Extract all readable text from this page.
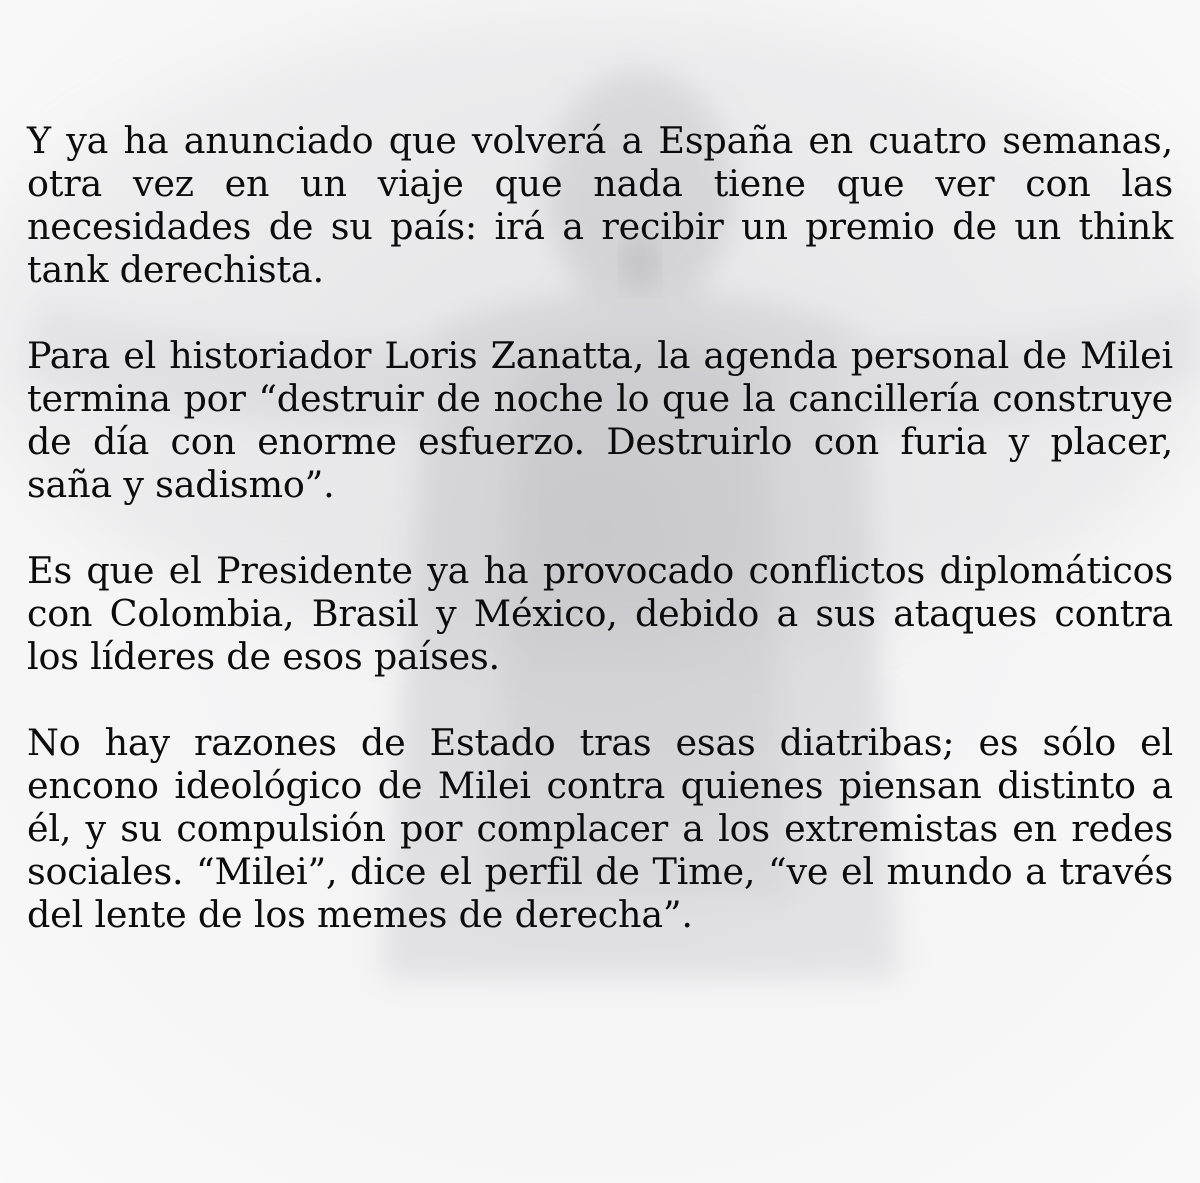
Y ya ha anunciado que volverá a España en cuatro semanas, otra vez en un viaje que nada tiene que ver con las necesidades de su país: irá a recibir un premio de un think tank derechista.

Para el historiador Loris Zanatta, la agenda personal de Milei termina por “destruir de noche lo que la cancillería construye de día con enorme esfuerzo. Destruirlo con furia y placer, saña y sadismo”.

Es que el Presidente ya ha provocado conflictos diplomáticos con Colombia, Brasil y México, debido a sus ataques contra los líderes de esos países.

No hay razones de Estado tras esas diatribas; es sólo el encono ideológico de Milei contra quienes piensan distinto a él, y su compulsión por complacer a los extremistas en redes sociales. “Milei”, dice el perfil de Time, “ve el mundo a través del lente de los memes de derecha”.
